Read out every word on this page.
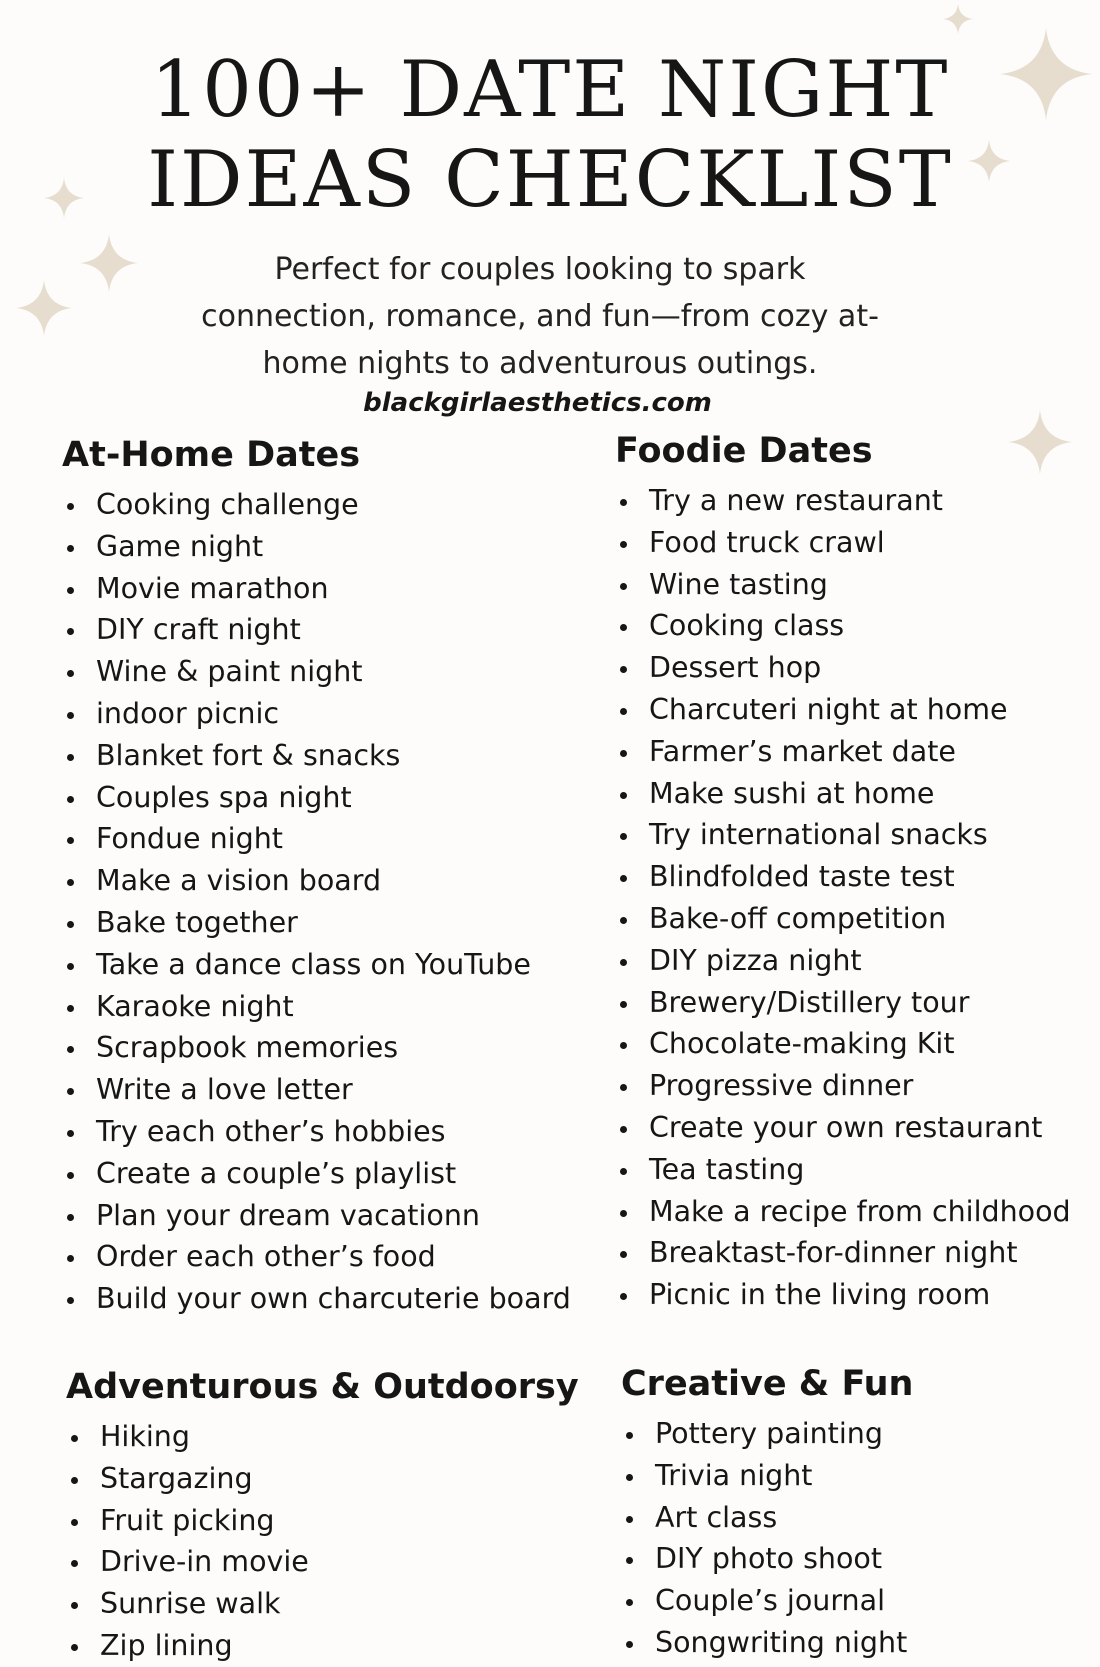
100+ DATE NIGHT
IDEAS CHECKLIST
Perfect for couples looking to spark
connection, romance, and fun—from cozy at-
home nights to adventurous outings.
blackgirlaesthetics.com
At-Home Dates
Cooking challenge
Game night
Movie marathon
DIY craft night
Wine & paint night
indoor picnic
Blanket fort & snacks
Couples spa night
Fondue night
Make a vision board
Bake together
Take a dance class on YouTube
Karaoke night
Scrapbook memories
Write a love letter
Try each other’s hobbies
Create a couple’s playlist
Plan your dream vacationn
Order each other’s food
Build your own charcuterie board
Foodie Dates
Try a new restaurant
Food truck crawl
Wine tasting
Cooking class
Dessert hop
Charcuteri night at home
Farmer’s market date
Make sushi at home
Try international snacks
Blindfolded taste test
Bake-off competition
DIY pizza night
Brewery/Distillery tour
Chocolate-making Kit
Progressive dinner
Create your own restaurant
Tea tasting
Make a recipe from childhood
Breaktast-for-dinner night
Picnic in the living room
Adventurous & Outdoorsy
Hiking
Stargazing
Fruit picking
Drive-in movie
Sunrise walk
Zip lining
Creative & Fun
Pottery painting
Trivia night
Art class
DIY photo shoot
Couple’s journal
Songwriting night
